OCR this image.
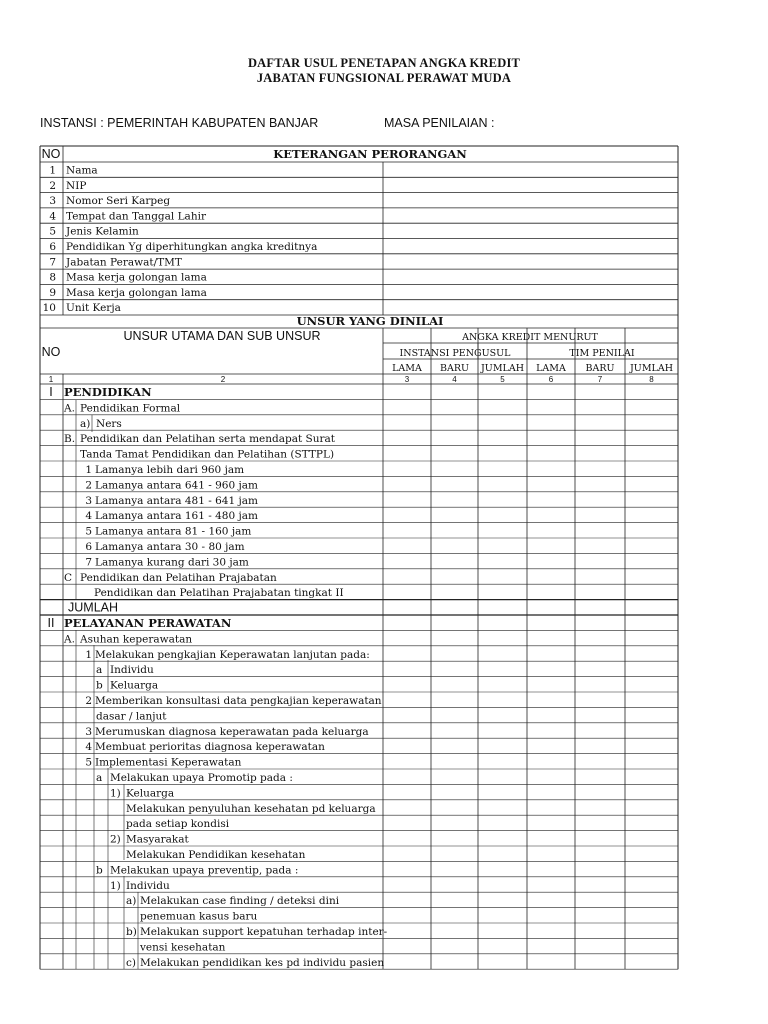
DAFTAR USUL PENETAPAN ANGKA KREDIT
JABATAN FUNGSIONAL PERAWAT MUDA
INSTANSI : PEMERINTAH KABUPATEN BANJAR	MASA PENILAIAN :
NO	KETERANGAN PERORANGAN
1 Nama
2 NIP
3 Nomor Seri Karpeg
4 Tempat dan Tanggal Lahir
5 Jenis Kelamin
6 Pendidikan Yg diperhitungkan angka kreditnya
7 Jabatan Perawat/TMT
8 Masa kerja golongan lama
9 Masa kerja golongan lama
10 Unit Kerja
UNSUR YANG DINILAI
ANGKA KREDIT MENURUT
INSTANSI PENGUSUL	TIM PENILAI
UNSUR UTAMA DAN SUB UNSUR
NO
LAMA BARU JUMLAH LAMA BARU JUMLAH
1	2	3	4	5	6	7	8
I PENDIDIKAN
A. Pendidikan Formal
a) Ners
B. Pendidikan dan Pelatihan serta mendapat Surat
Tanda Tamat Pendidikan dan Pelatihan (STTPL)
1 Lamanya lebih dari 960 jam
2 Lamanya antara 641 - 960 jam
3 Lamanya antara 481 - 641 jam
4 Lamanya antara 161 - 480 jam
5 Lamanya antara 81 - 160 jam
6 Lamanya antara 30 - 80 jam
7 Lamanya kurang dari 30 jam
C Pendidikan dan Pelatihan Prajabatan
Pendidikan dan Pelatihan Prajabatan tingkat II
JUMLAH
II PELAYANAN PERAWATAN
A. Asuhan keperawatan
1 Melakukan pengkajian Keperawatan lanjutan pada:
a Individu
b Keluarga
2 Memberikan konsultasi data pengkajian keperawatan
dasar / lanjut
3 Merumuskan diagnosa keperawatan pada keluarga
4 Membuat perioritas diagnosa keperawatan
5 Implementasi Keperawatan
a Melakukan upaya Promotip pada :
1) Keluarga
Melakukan penyuluhan kesehatan pd keluarga
pada setiap kondisi
2) Masyarakat
Melakukan Pendidikan kesehatan
b Melakukan upaya preventip, pada :
1) Individu
a) Melakukan case finding / deteksi dini
penemuan kasus baru
b) Melakukan support kepatuhan terhadap inter-
vensi kesehatan
c) Melakukan pendidikan kes pd individu pasien
